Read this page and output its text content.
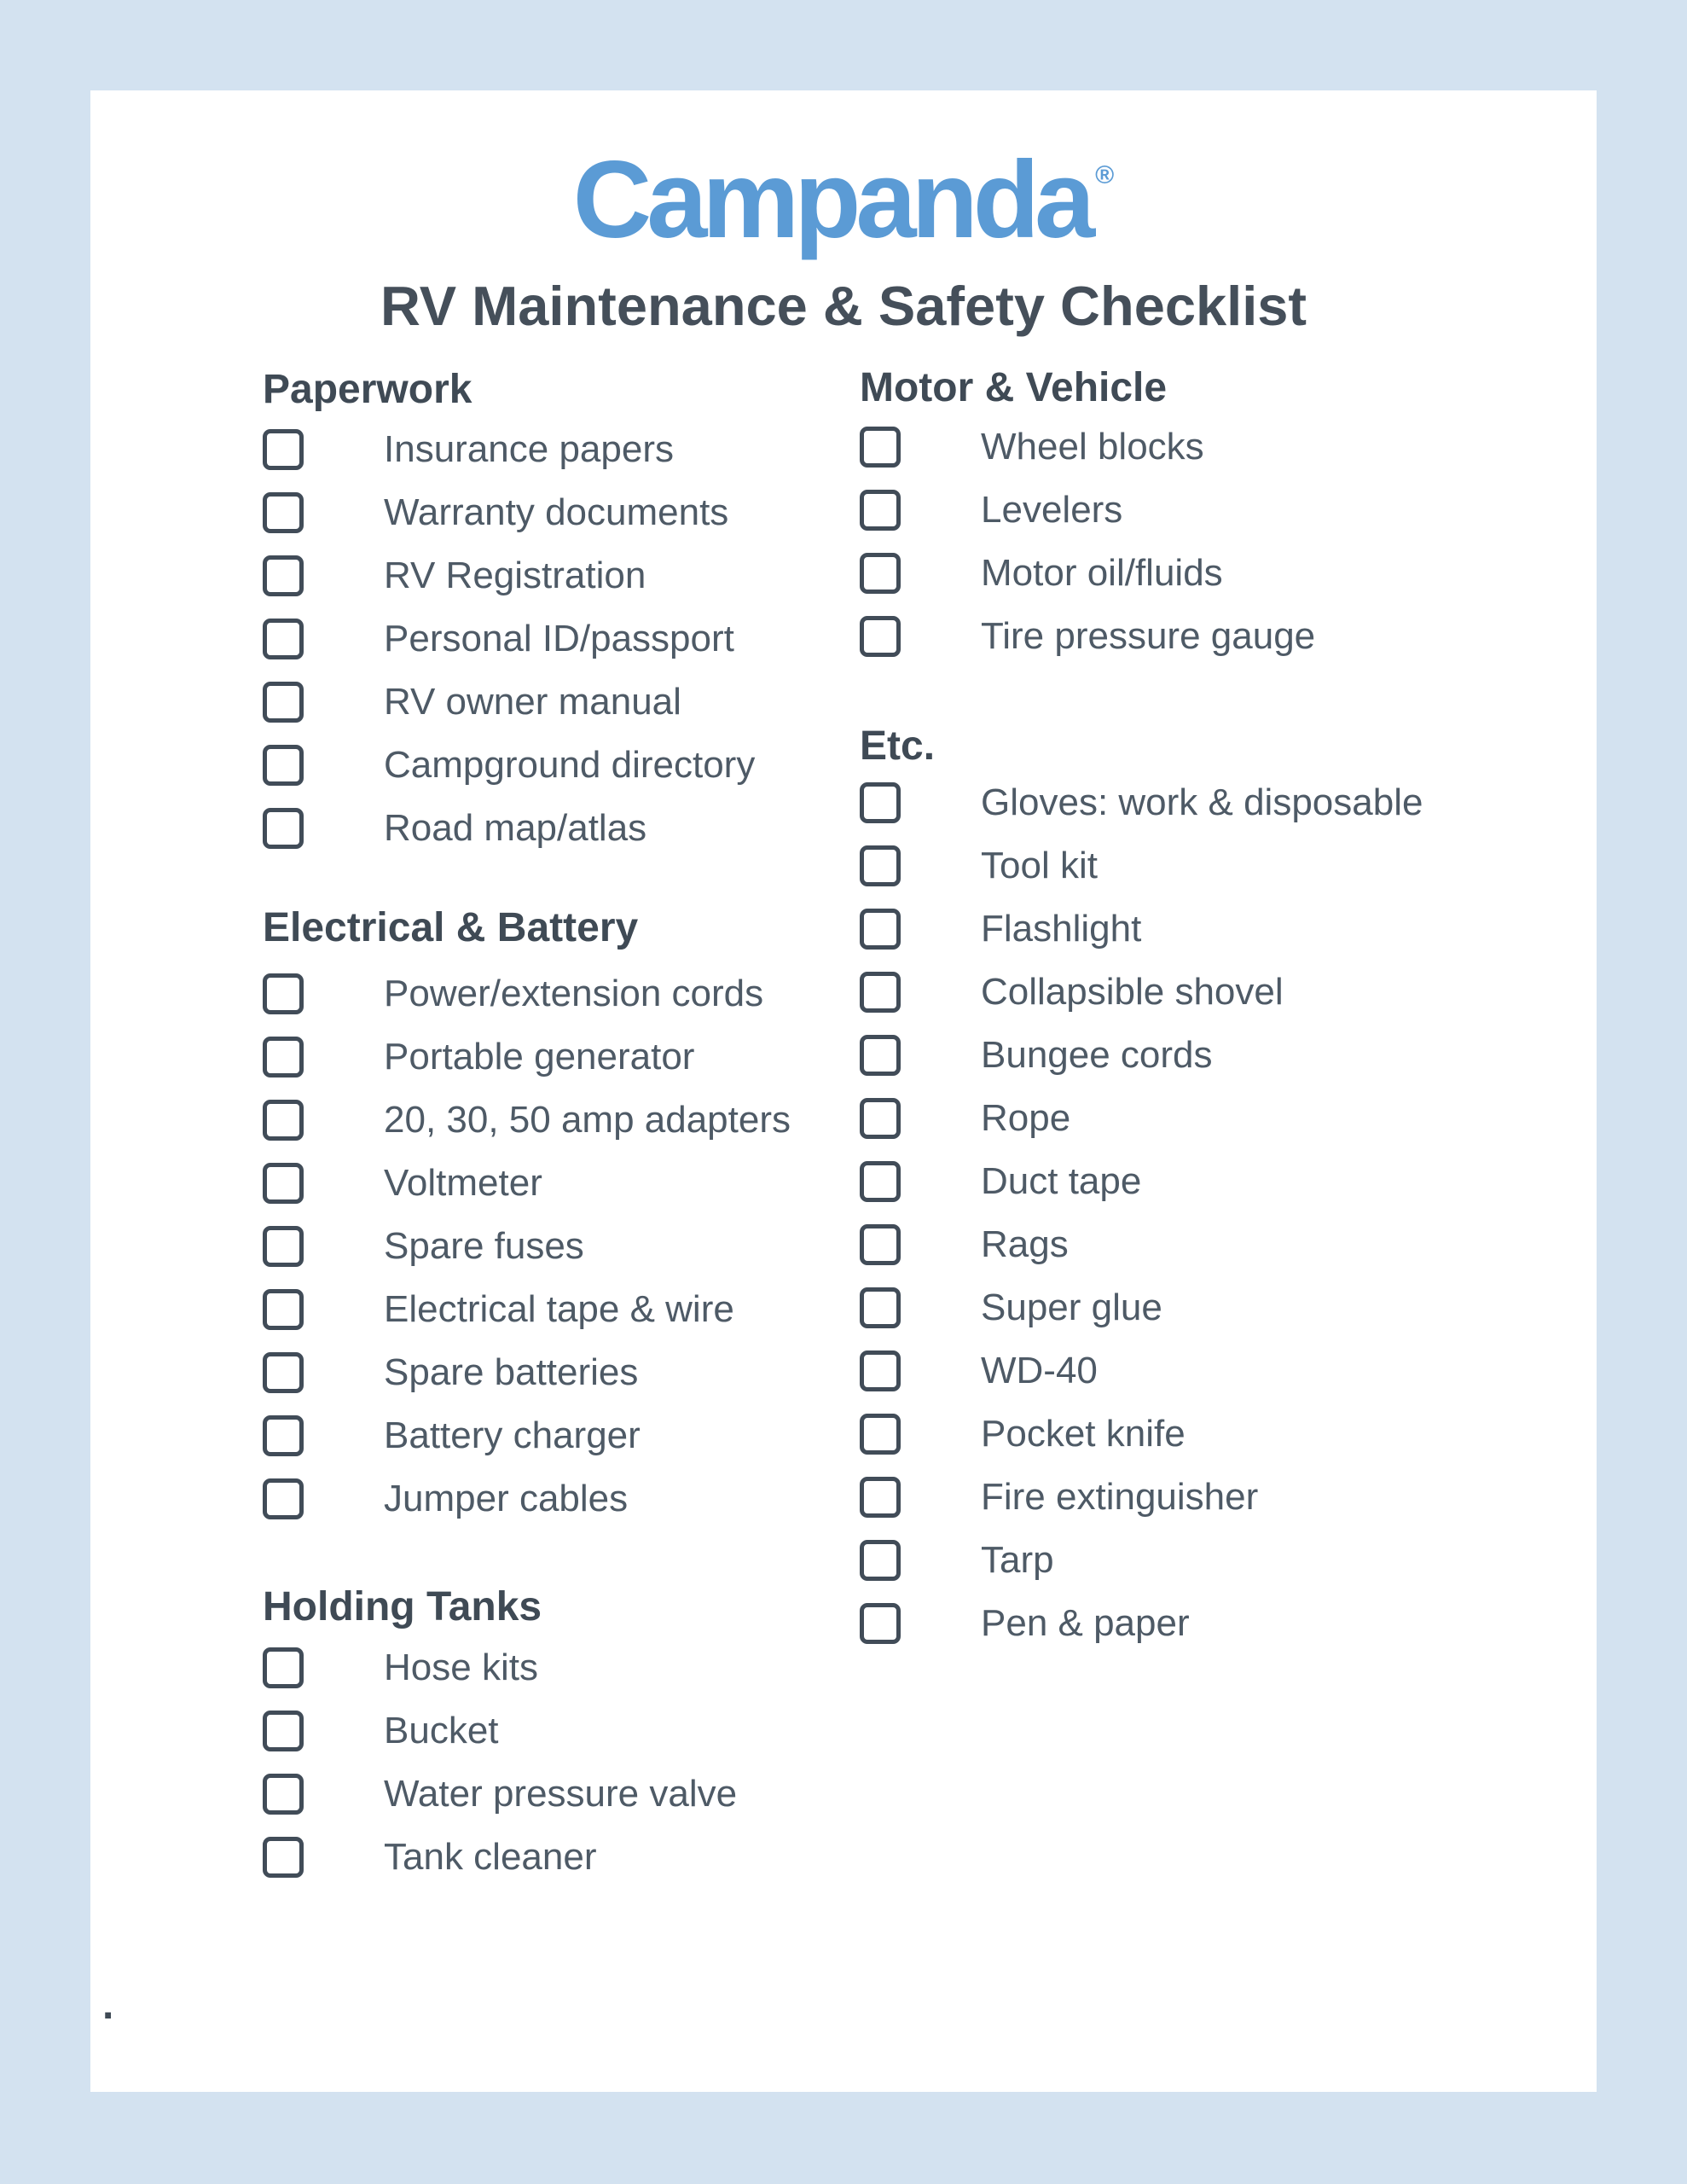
Campanda ®
RV Maintenance & Safety Checklist
Paperwork
Insurance papers
Warranty documents
RV Registration
Personal ID/passport
RV owner manual
Campground directory
Road map/atlas
Electrical & Battery
Power/extension cords
Portable generator
20, 30, 50 amp adapters
Voltmeter
Spare fuses
Electrical tape & wire
Spare batteries
Battery charger
Jumper cables
Holding Tanks
Hose kits
Bucket
Water pressure valve
Tank cleaner
Motor & Vehicle
Wheel blocks
Levelers
Motor oil/fluids
Tire pressure gauge
Etc.
Gloves: work & disposable
Tool kit
Flashlight
Collapsible shovel
Bungee cords
Rope
Duct tape
Rags
Super glue
WD-40
Pocket knife
Fire extinguisher
Tarp
Pen & paper
.
